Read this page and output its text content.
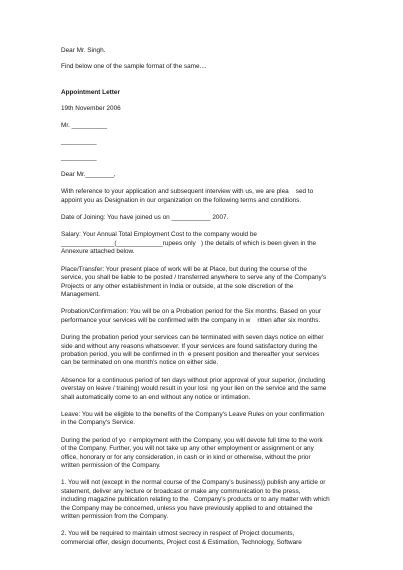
Dear Mr. Singh.

Find below one of the sample format of the same....

Appointment Letter

19th November 2006

Mr. __________

__________

__________

Dear Mr.________,

With reference to your application and subsequent interview with us, we are plea    sed to

appoint you as Designation in our organization on the following terms and conditions.

Date of Joining: You have joined us on ___________ 2007.

Salary: Your Annual Total Employment Cost to the company would be

_______________(_____________rupees only   ) the details of which is been given in the

Annexure attached below.

Place/Transfer: Your present place of work will be at Place, but during the course of the

service, you shall be liable to be posted / transferred anywhere to serve any of the Company's

Projects or any other establishment in India or outside, at the sole discretion of the

Management.

Probation/Confirmation: You will be on a Probation period for the Six months. Based on your

performance your services will be confirmed with the company in w    ritten after six months.

During the probation period your services can be terminated with seven days notice on either

side and without any reasons whatsoever. If your services are found satisfactory during the

probation period, you will be confirmed in th  e present position and thereafter your services

can be terminated on one month's notice on either side.

Absence for a continuous period of ten days without prior approval of your superior, (including

overstay on leave / training) would result in your losi  ng your lien on the service and the same

shall automatically come to an end without any notice or intimation.

Leave: You will be eligible to the benefits of the Company's Leave Rules on your confirmation

in the Company's Service.

During the period of yo  r employment with the Company, you will devote full time to the work

of the Company. Further, you will not take up any other employment or assignment or any

office, honorary or for any consideration, in cash or in kind or otherwise, without the prior

written permission of the Company.

1. You will not (except in the normal course of the Company's business)) publish any article or

statement, deliver any lecture or broadcast or make any communication to the press,

including magazine publication relating to the   Company's products or to any matter with which

the Company may be concerned, unless you have previously applied to and obtained the

written permission from the Company.

2. You will be required to maintain utmost secrecy in respect of Project documents,

commercial offer, design documents, Project cost & Estimation, Technology, Software
